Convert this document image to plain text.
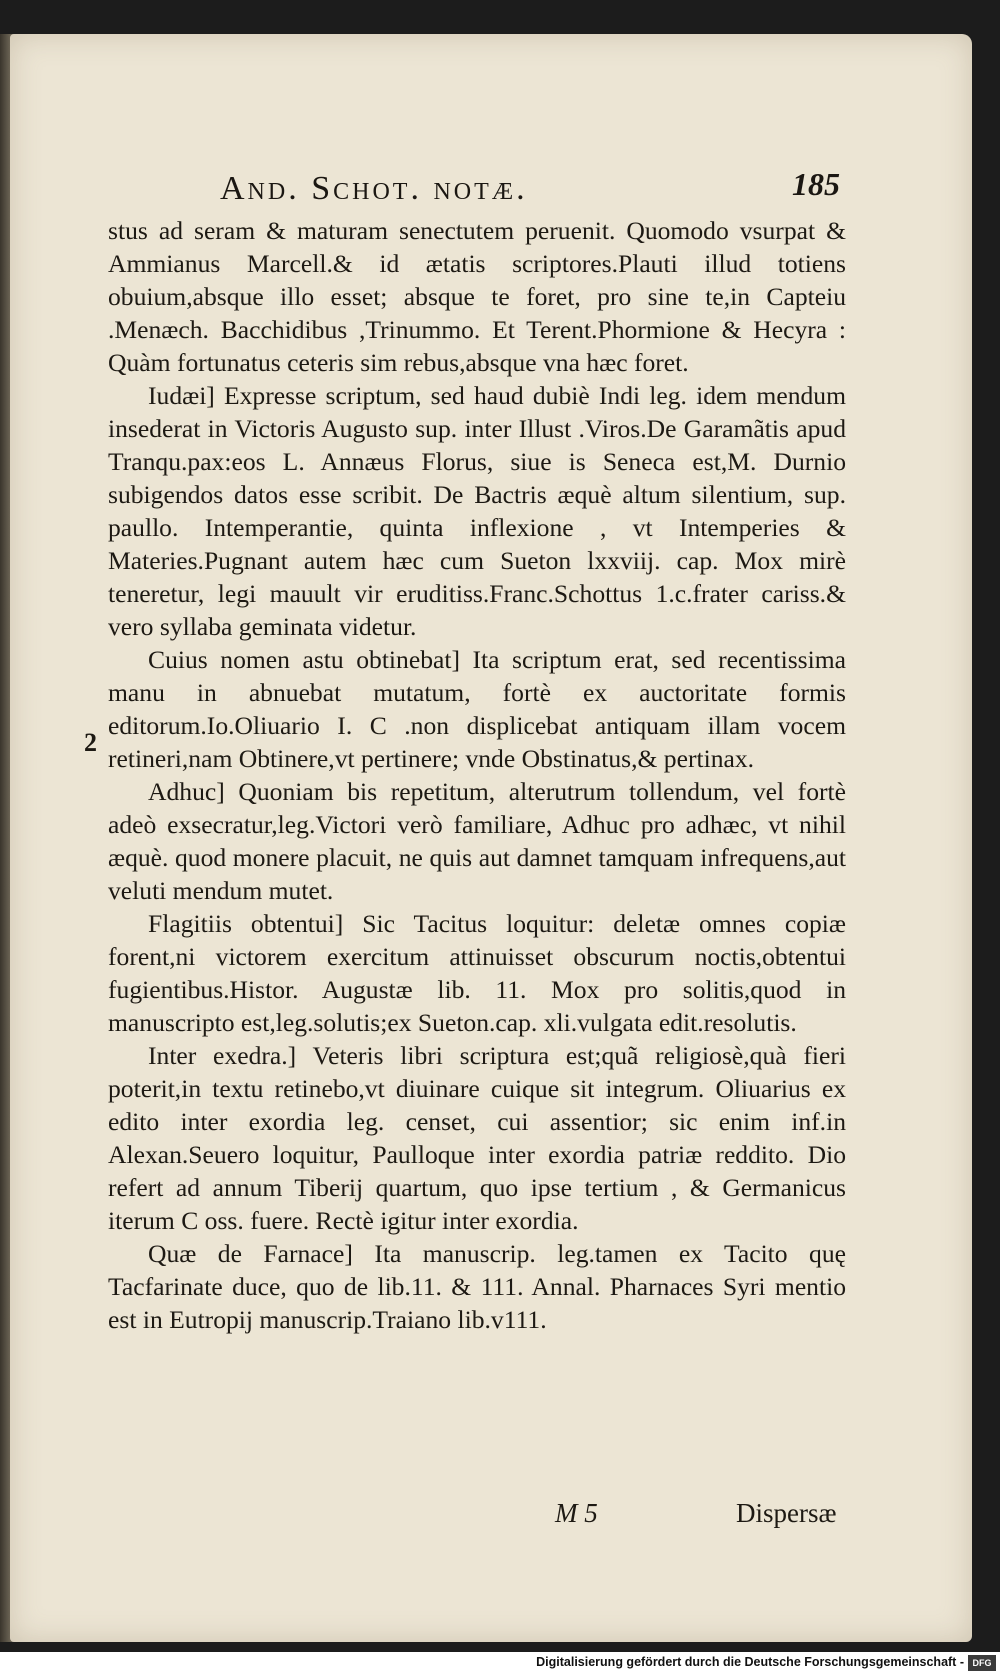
And. Schot. notæ.	185
2

stus ad seram & maturam senectutem peruenit. Quomodo vsurpat & Ammianus Marcell.& id ætatis scriptores.Plauti illud totiens obuium,absque illo esset; absque te foret, pro sine te,in Capteiu .Menæch. Bacchidibus ,Trinummo. Et Terent.Phormione & Hecyra : Quàm fortunatus ceteris sim rebus,absque vna hæc foret.

Iudæi] Expresse scriptum, sed haud dubiè Indi leg. idem mendum insederat in Victoris Augusto sup. inter Illust .Viros.De Garamãtis apud Tranqu.pax:eos L. Annæus Florus, siue is Seneca est,M. Durnio subigendos datos esse scribit. De Bactris æquè altum silentium, sup. paullo. Intemperantie, quinta inflexione , vt Intemperies & Materies.Pugnant autem hæc cum Sueton lxxviij. cap. Mox mirè teneretur, legi mauult vir eruditiss.Franc.Schottus 1.c.frater cariss.& vero syllaba geminata videtur.

Cuius nomen astu obtinebat] Ita scriptum erat, sed recentissima manu in abnuebat mutatum, fortè ex auctoritate formis editorum.Io.Oliuario I. C .non displicebat antiquam illam vocem retineri,nam Obtinere,vt pertinere; vnde Obstinatus,& pertinax.

Adhuc] Quoniam bis repetitum, alterutrum tollendum, vel fortè adeò exsecratur,leg.Victori verò familiare, Adhuc pro adhæc, vt nihil æquè. quod monere placuit, ne quis aut damnet tamquam infrequens,aut veluti mendum mutet.

Flagitiis obtentui] Sic Tacitus loquitur: deletæ omnes copiæ forent,ni victorem exercitum attinuisset obscurum noctis,obtentui fugientibus.Histor. Augustæ lib. 11. Mox pro solitis,quod in manuscripto est,leg.solutis;ex Sueton.cap. xli.vulgata edit.resolutis.

Inter exedra.] Veteris libri scriptura est;quã religiosè,quà fieri poterit,in textu retinebo,vt diuinare cuique sit integrum. Oliuarius ex edito inter exordia leg. censet, cui assentior; sic enim inf.in Alexan.Seuero loquitur, Paulloque inter exordia patriæ reddito. Dio refert ad annum Tiberij quartum, quo ipse tertium , & Germanicus iterum C oss. fuere. Rectè igitur inter exordia.

Quæ de Farnace] Ita manuscrip. leg.tamen ex Tacito quę Tacfarinate duce, quo de lib.11. & 111. Annal. Pharnaces Syri mentio est in Eutropij manuscrip.Traiano lib.v111.

M 5	Dispersæ
Digitalisierung gefördert durch die Deutsche Forschungsgemeinschaft - DFG
